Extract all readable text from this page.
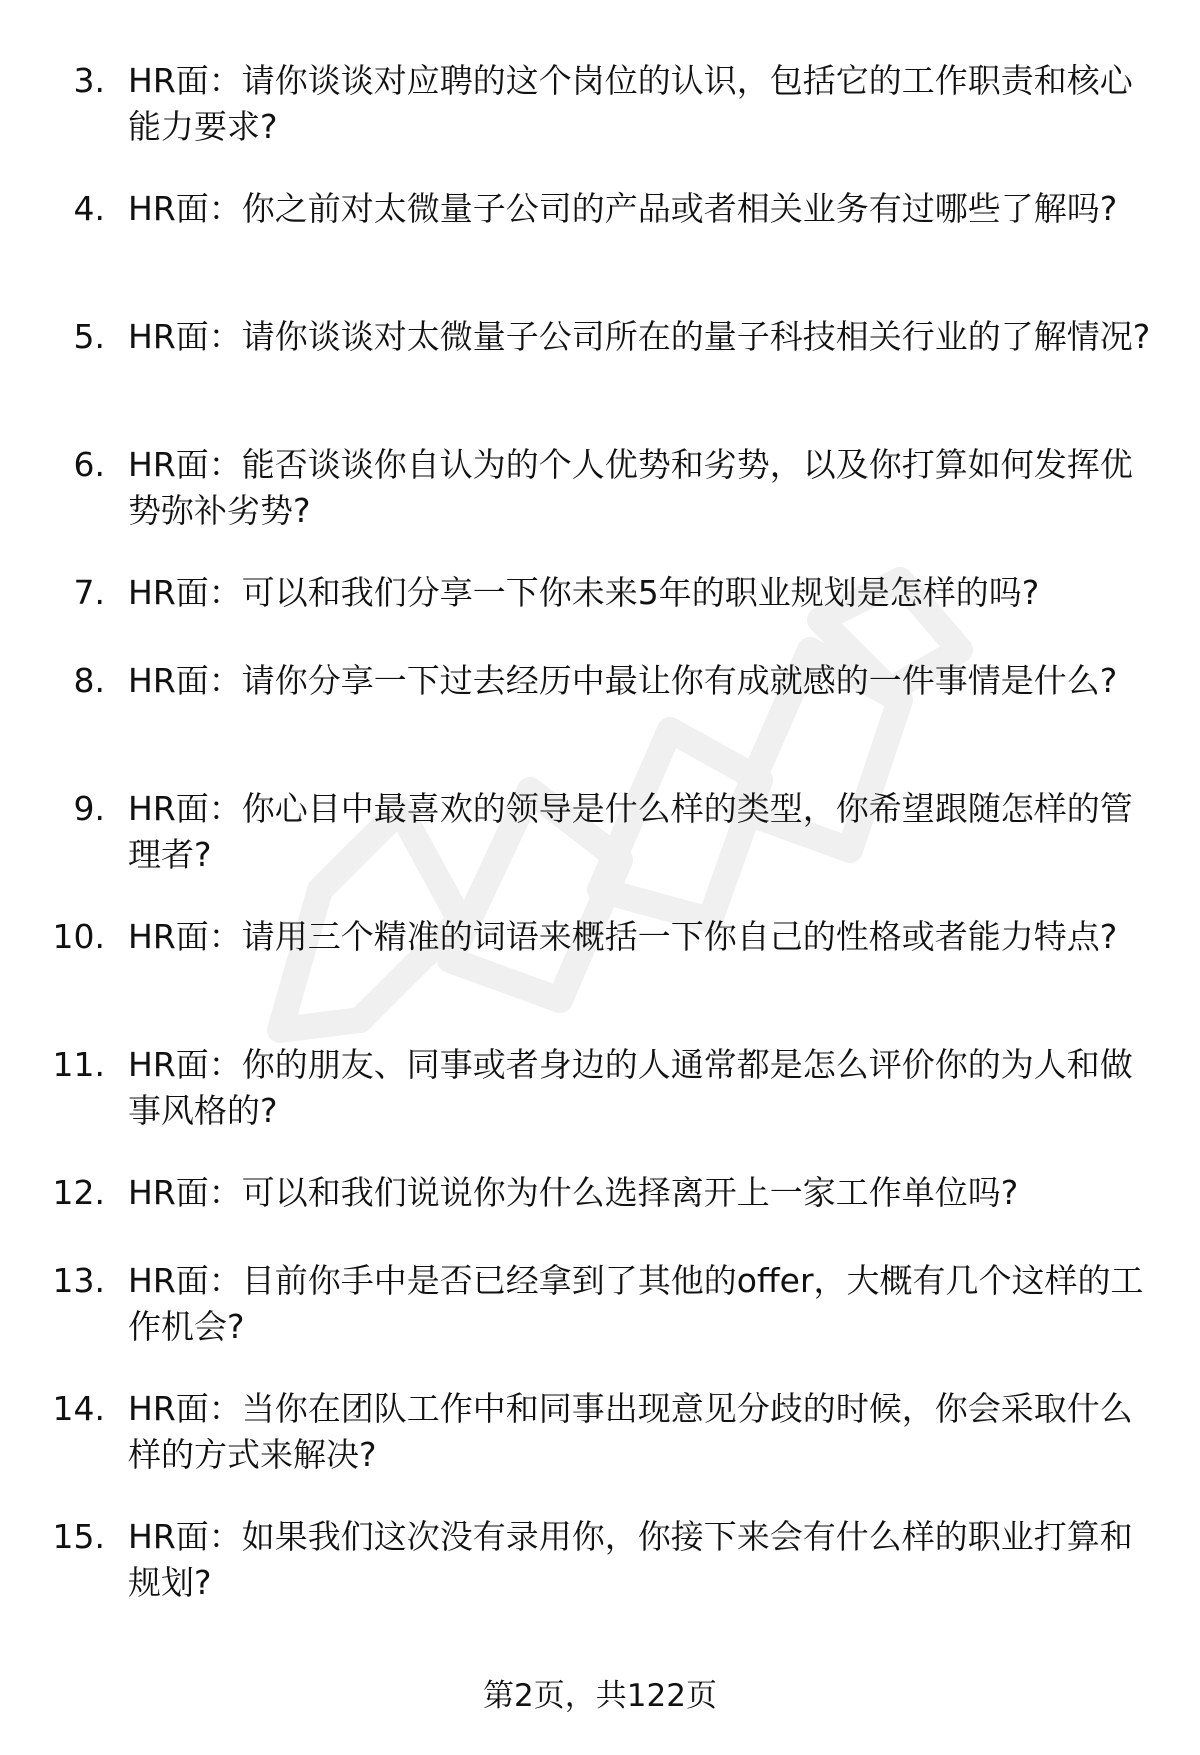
3. HR面：请你谈谈对应聘的这个岗位的认识，包括它的工作职责和核心能力要求?
4. HR面：你之前对太微量子公司的产品或者相关业务有过哪些了解吗?
5. HR面：请你谈谈对太微量子公司所在的量子科技相关行业的了解情况?
6. HR面：能否谈谈你自认为的个人优势和劣势，以及你打算如何发挥优势弥补劣势?
7. HR面：可以和我们分享一下你未来5年的职业规划是怎样的吗?
8. HR面：请你分享一下过去经历中最让你有成就感的一件事情是什么?
9. HR面：你心目中最喜欢的领导是什么样的类型，你希望跟随怎样的管理者?
10. HR面：请用三个精准的词语来概括一下你自己的性格或者能力特点?
11. HR面：你的朋友、同事或者身边的人通常都是怎么评价你的为人和做事风格的?
12. HR面：可以和我们说说你为什么选择离开上一家工作单位吗?
13. HR面：目前你手中是否已经拿到了其他的offer，大概有几个这样的工作机会?
14. HR面：当你在团队工作中和同事出现意见分歧的时候，你会采取什么样的方式来解决?
15. HR面：如果我们这次没有录用你，你接下来会有什么样的职业打算和规划?
第2页，共122页
